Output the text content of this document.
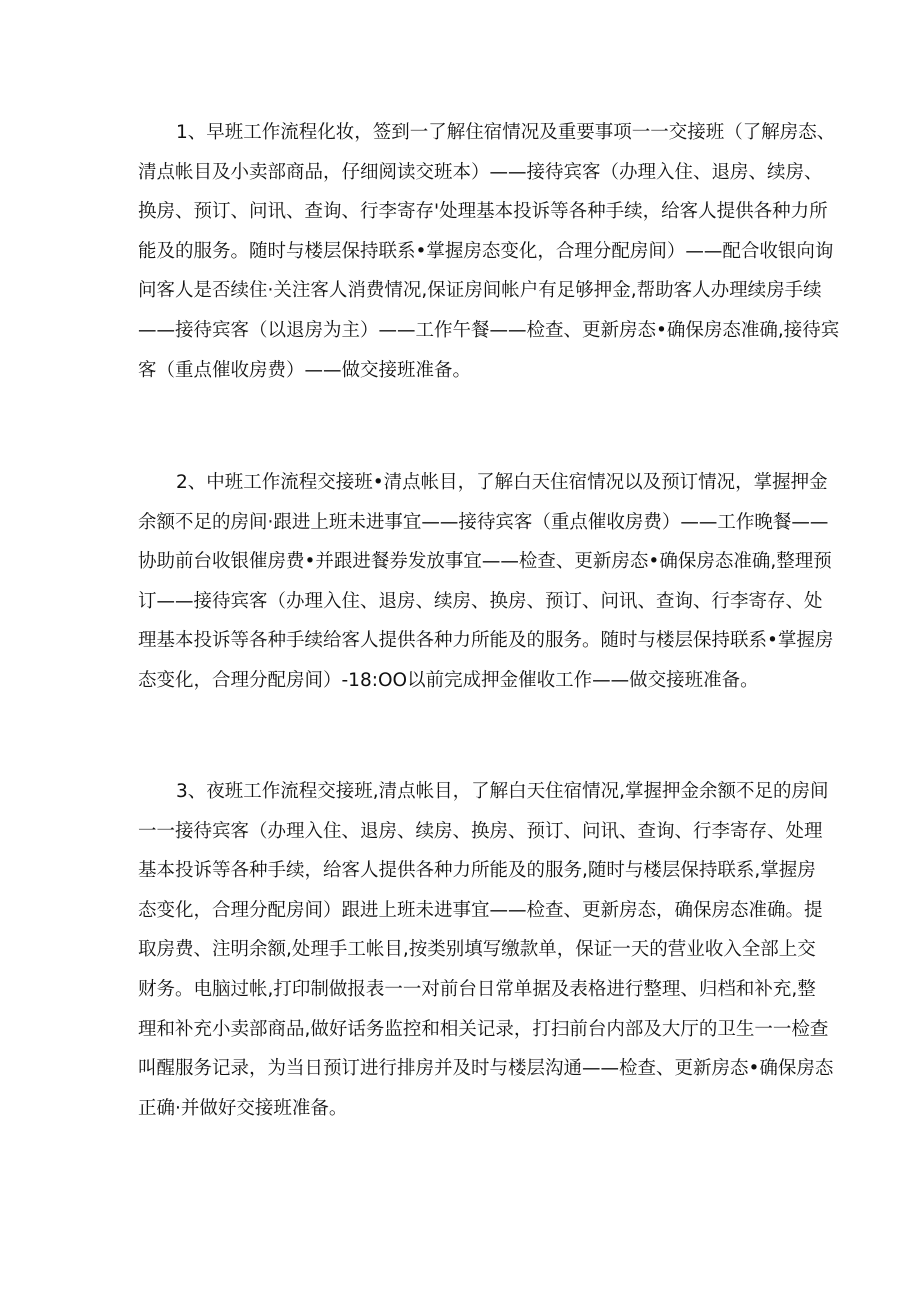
1、早班工作流程化妆，签到一了解住宿情况及重要事项一一交接班（了解房态、
清点帐目及小卖部商品，仔细阅读交班本）——接待宾客（办理入住、退房、续房、
换房、预订、问讯、查询、行李寄存'处理基本投诉等各种手续，给客人提供各种力所
能及的服务。随时与楼层保持联系•掌握房态变化，合理分配房间）——配合收银向询
问客人是否续住·关注客人消费情况,保证房间帐户有足够押金,帮助客人办理续房手续
——接待宾客（以退房为主）——工作午餐——检查、更新房态•确保房态准确,接待宾
客（重点催收房费）——做交接班准备。
2、中班工作流程交接班•清点帐目，了解白天住宿情况以及预订情况，掌握押金
余额不足的房间·跟进上班未进事宜——接待宾客（重点催收房费）——工作晚餐——
协助前台收银催房费•并跟进餐券发放事宜——检查、更新房态•确保房态准确,整理预
订——接待宾客（办理入住、退房、续房、换房、预订、问讯、查询、行李寄存、处
理基本投诉等各种手续给客人提供各种力所能及的服务。随时与楼层保持联系•掌握房
态变化，合理分配房间）-18:OO以前完成押金催收工作——做交接班准备。
3、夜班工作流程交接班,清点帐目，了解白天住宿情况,掌握押金余额不足的房间
一一接待宾客（办理入住、退房、续房、换房、预订、问讯、查询、行李寄存、处理
基本投诉等各种手续，给客人提供各种力所能及的服务,随时与楼层保持联系,掌握房
态变化，合理分配房间）跟进上班未进事宜——检查、更新房态，确保房态准确。提
取房费、注明余额,处理手工帐目,按类别填写缴款单，保证一天的营业收入全部上交
财务。电脑过帐,打印制做报表一一对前台日常单据及表格进行整理、归档和补充,整
理和补充小卖部商品,做好话务监控和相关记录，打扫前台内部及大厅的卫生一一检查
叫醒服务记录，为当日预订进行排房并及时与楼层沟通——检查、更新房态•确保房态
正确·并做好交接班准备。
